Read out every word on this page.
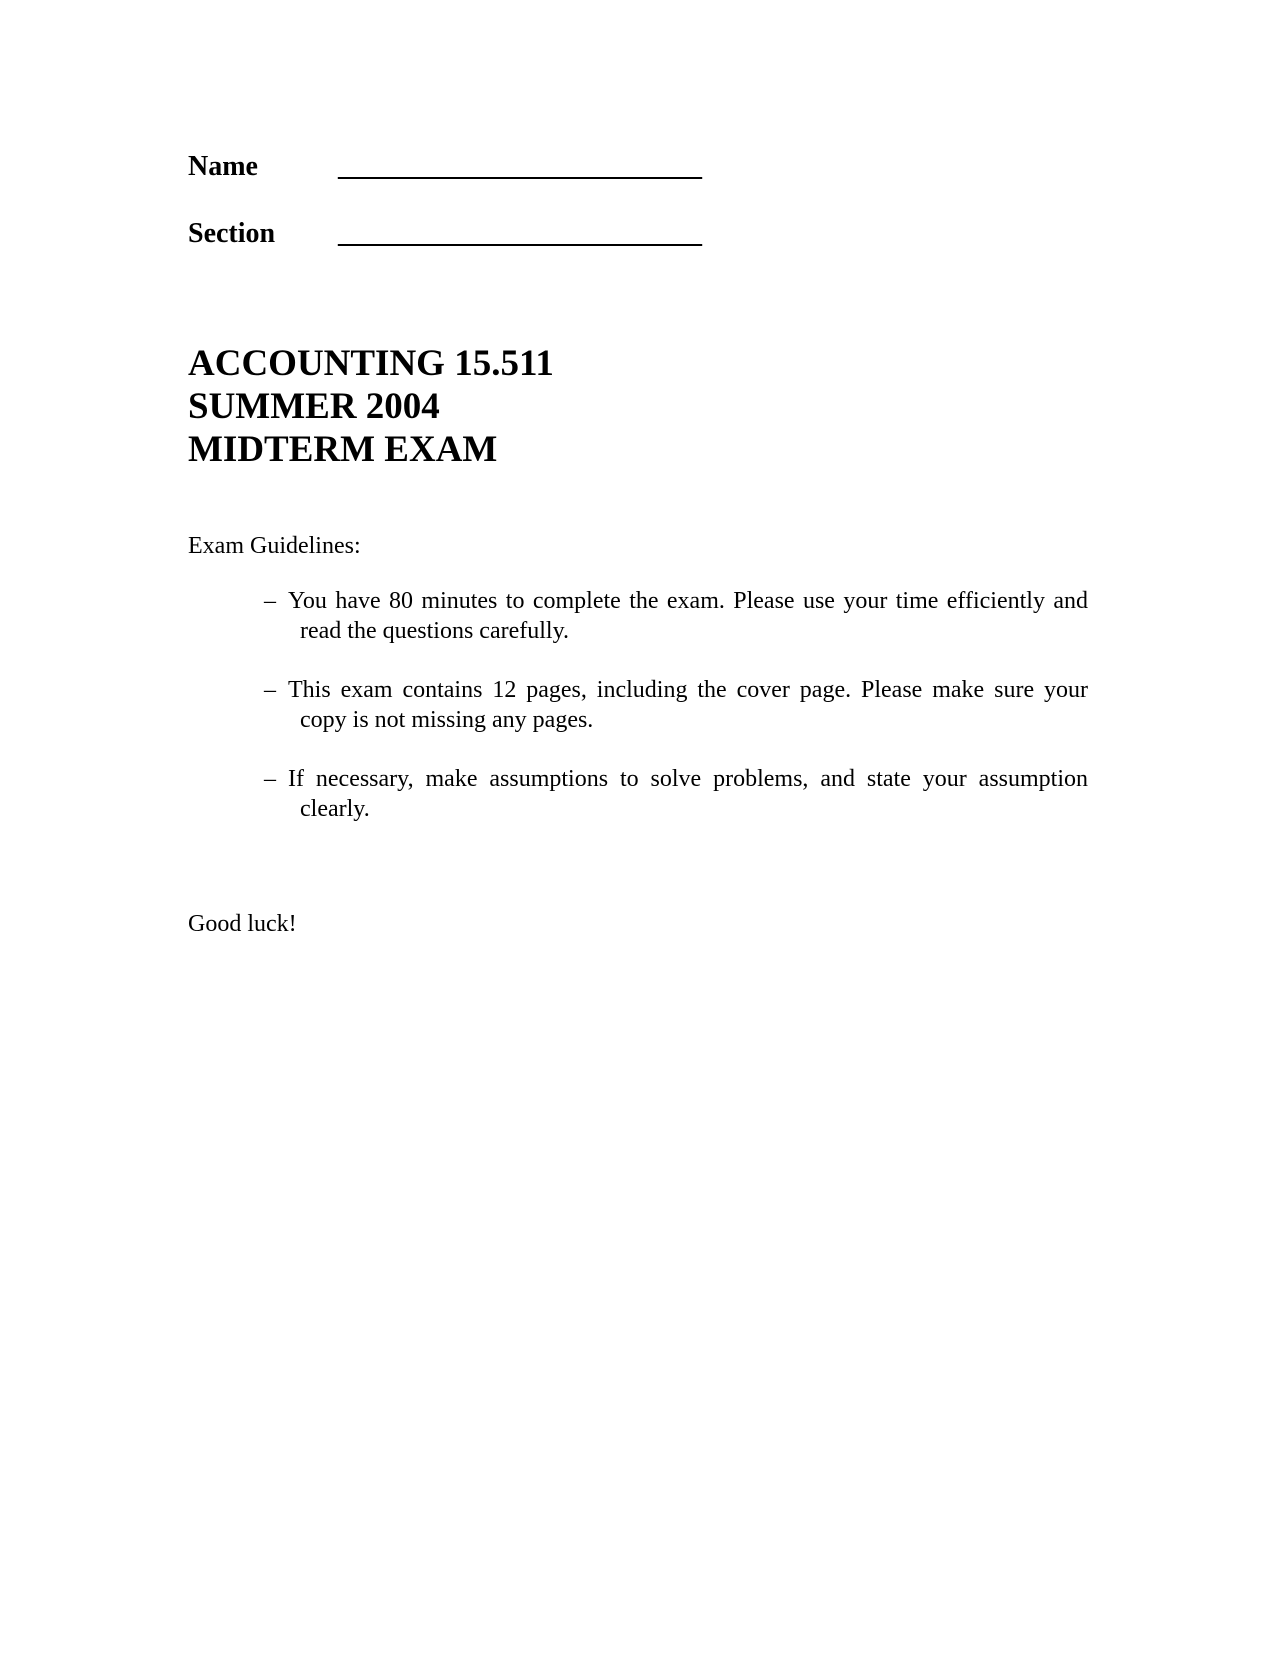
Name	__________________________
Section __________________________
ACCOUNTING 15.511
SUMMER 2004
MIDTERM EXAM
Exam Guidelines:
– You have 80 minutes to complete the exam. Please use your time efficiently and read the questions carefully.
– This exam contains 12 pages, including the cover page. Please make sure your copy is not missing any pages.
– If necessary, make assumptions to solve problems, and state your assumption clearly.
Good luck!
